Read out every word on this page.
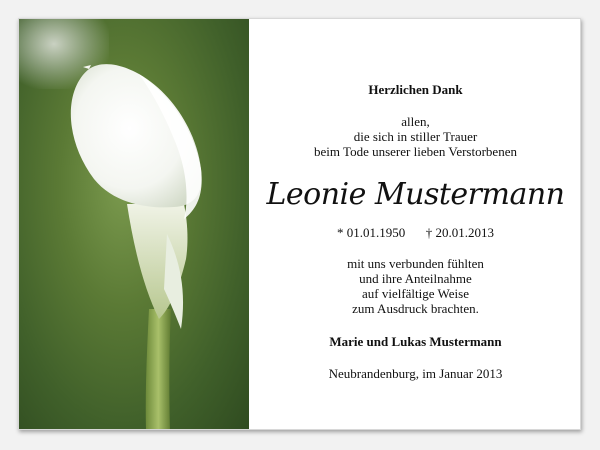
Herzlichen Dank
allen,
die sich in stiller Trauer
beim Tode unserer lieben Verstorbenen
Leonie Mustermann
* 01.01.1950 † 20.01.2013
mit uns verbunden fühlten
und ihre Anteilnahme
auf vielfältige Weise
zum Ausdruck brachten.
Marie und Lukas Mustermann
Neubrandenburg, im Januar 2013
